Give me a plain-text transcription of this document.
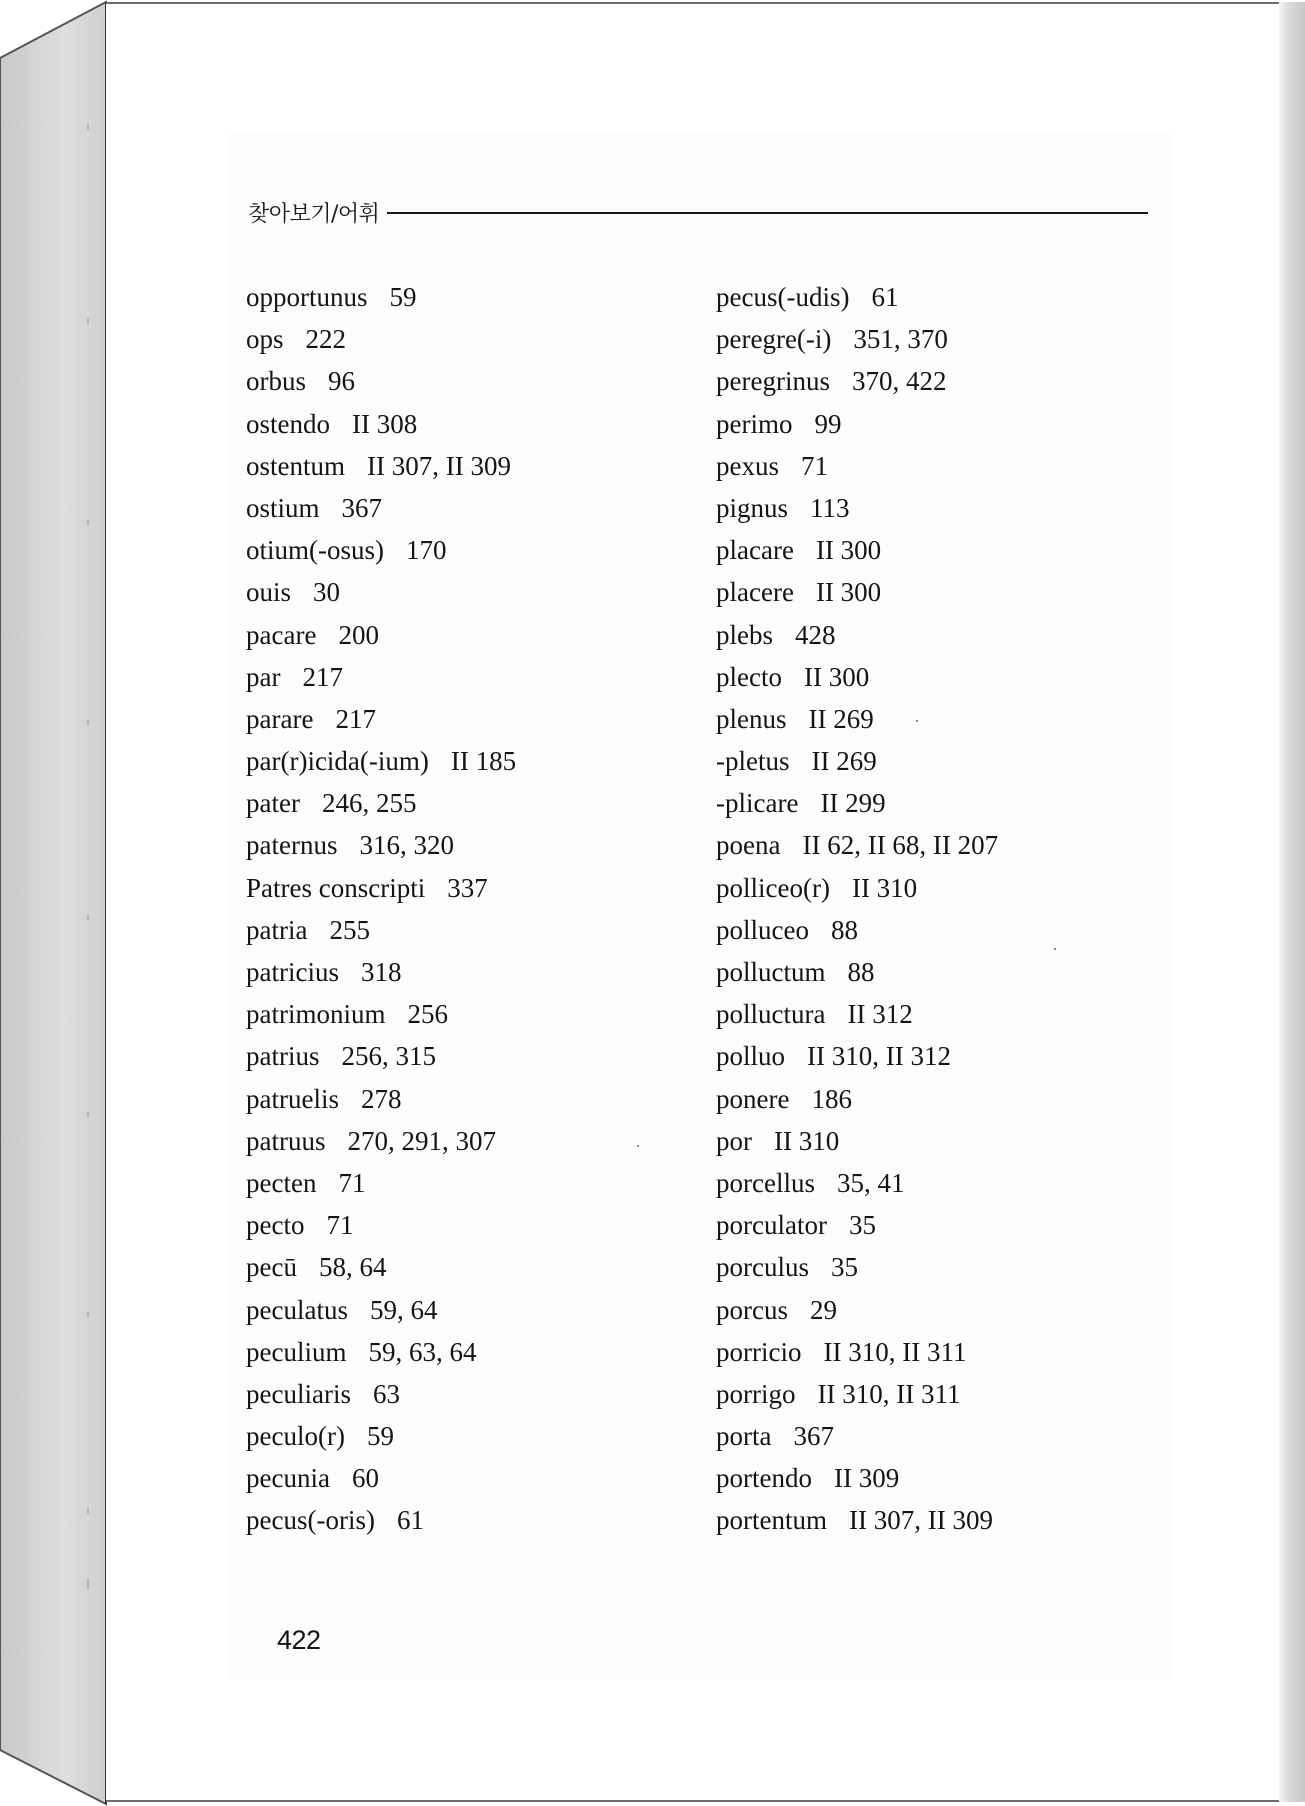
찾아보기/어휘
opportunus 59
ops 222
orbus 96
ostendo II 308
ostentum II 307, II 309
ostium 367
otium(-osus) 170
ouis 30
pacare 200
par 217
parare 217
par(r)icida(-ium) II 185
pater 246, 255
paternus 316, 320
Patres conscripti 337
patria 255
patricius 318
patrimonium 256
patrius 256, 315
patruelis 278
patruus 270, 291, 307
pecten 71
pecto 71
pecū 58, 64
peculatus 59, 64
peculium 59, 63, 64
peculiaris 63
peculo(r) 59
pecunia 60
pecus(-oris) 61
pecus(-udis) 61
peregre(-i) 351, 370
peregrinus 370, 422
perimo 99
pexus 71
pignus 113
placare II 300
placere II 300
plebs 428
plecto II 300
plenus II 269
-pletus II 269
-plicare II 299
poena II 62, II 68, II 207
polliceo(r) II 310
polluceo 88
polluctum 88
polluctura II 312
polluo II 310, II 312
ponere 186
por II 310
porcellus 35, 41
porculator 35
porculus 35
porcus 29
porricio II 310, II 311
porrigo II 310, II 311
porta 367
portendo II 309
portentum II 307, II 309
422
